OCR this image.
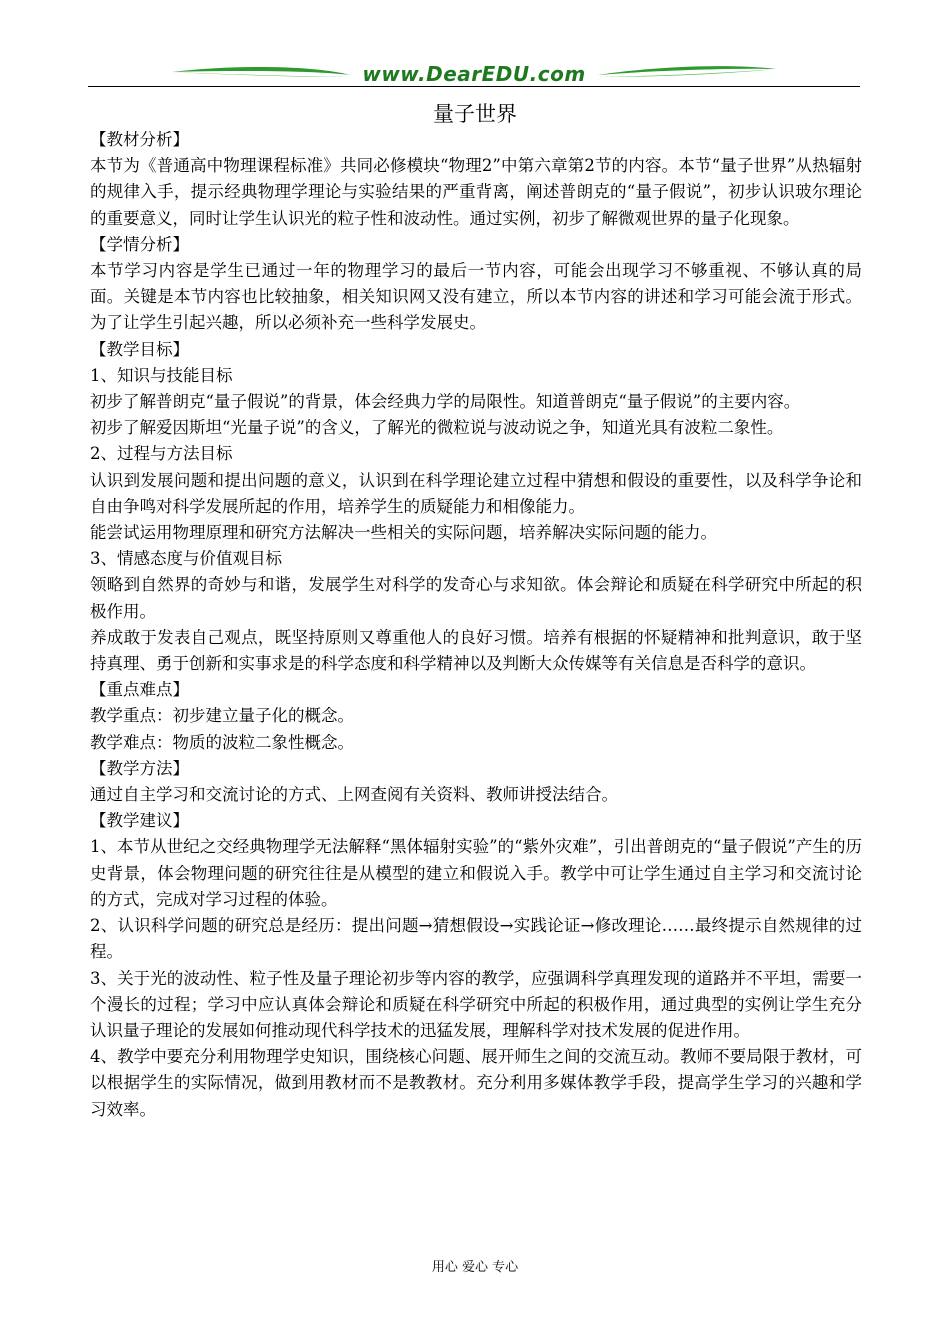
www.DearEDU.com
量子世界

【教材分析】

本节为《普通高中物理课程标准》共同必修模块“物理2”中第六章第2节的内容。本节“量子世界”从热辐射的规律入手，提示经典物理学理论与实验结果的严重背离，阐述普朗克的“量子假说”，初步认识玻尔理论的重要意义，同时让学生认识光的粒子性和波动性。通过实例，初步了解微观世界的量子化现象。

【学情分析】

本节学习内容是学生已通过一年的物理学习的最后一节内容，可能会出现学习不够重视、不够认真的局面。关键是本节内容也比较抽象，相关知识网又没有建立，所以本节内容的讲述和学习可能会流于形式。为了让学生引起兴趣，所以必须补充一些科学发展史。

【教学目标】

1、知识与技能目标

初步了解普朗克“量子假说”的背景，体会经典力学的局限性。知道普朗克“量子假说”的主要内容。

初步了解爱因斯坦“光量子说”的含义，了解光的微粒说与波动说之争，知道光具有波粒二象性。

2、过程与方法目标

认识到发展问题和提出问题的意义，认识到在科学理论建立过程中猜想和假设的重要性，以及科学争论和自由争鸣对科学发展所起的作用，培养学生的质疑能力和相像能力。

能尝试运用物理原理和研究方法解决一些相关的实际问题，培养解决实际问题的能力。

3、情感态度与价值观目标

领略到自然界的奇妙与和谐，发展学生对科学的发奇心与求知欲。体会辩论和质疑在科学研究中所起的积极作用。

养成敢于发表自己观点，既坚持原则又尊重他人的良好习惯。培养有根据的怀疑精神和批判意识，敢于坚持真理、勇于创新和实事求是的科学态度和科学精神以及判断大众传媒等有关信息是否科学的意识。

【重点难点】

教学重点：初步建立量子化的概念。

教学难点：物质的波粒二象性概念。

【教学方法】

通过自主学习和交流讨论的方式、上网查阅有关资料、教师讲授法结合。

【教学建议】

1、本节从世纪之交经典物理学无法解释“黑体辐射实验”的“紫外灾难”，引出普朗克的“量子假说”产生的历史背景，体会物理问题的研究往往是从模型的建立和假说入手。教学中可让学生通过自主学习和交流讨论的方式，完成对学习过程的体验。

2、认识科学问题的研究总是经历：提出问题→猜想假设→实践论证→修改理论……最终提示自然规律的过程。

3、关于光的波动性、粒子性及量子理论初步等内容的教学，应强调科学真理发现的道路并不平坦，需要一个漫长的过程；学习中应认真体会辩论和质疑在科学研究中所起的积极作用，通过典型的实例让学生充分认识量子理论的发展如何推动现代科学技术的迅猛发展，理解科学对技术发展的促进作用。

4、教学中要充分利用物理学史知识，围绕核心问题、展开师生之间的交流互动。教师不要局限于教材，可以根据学生的实际情况，做到用教材而不是教教材。充分利用多媒体教学手段，提高学生学习的兴趣和学习效率。

用心 爱心 专心
